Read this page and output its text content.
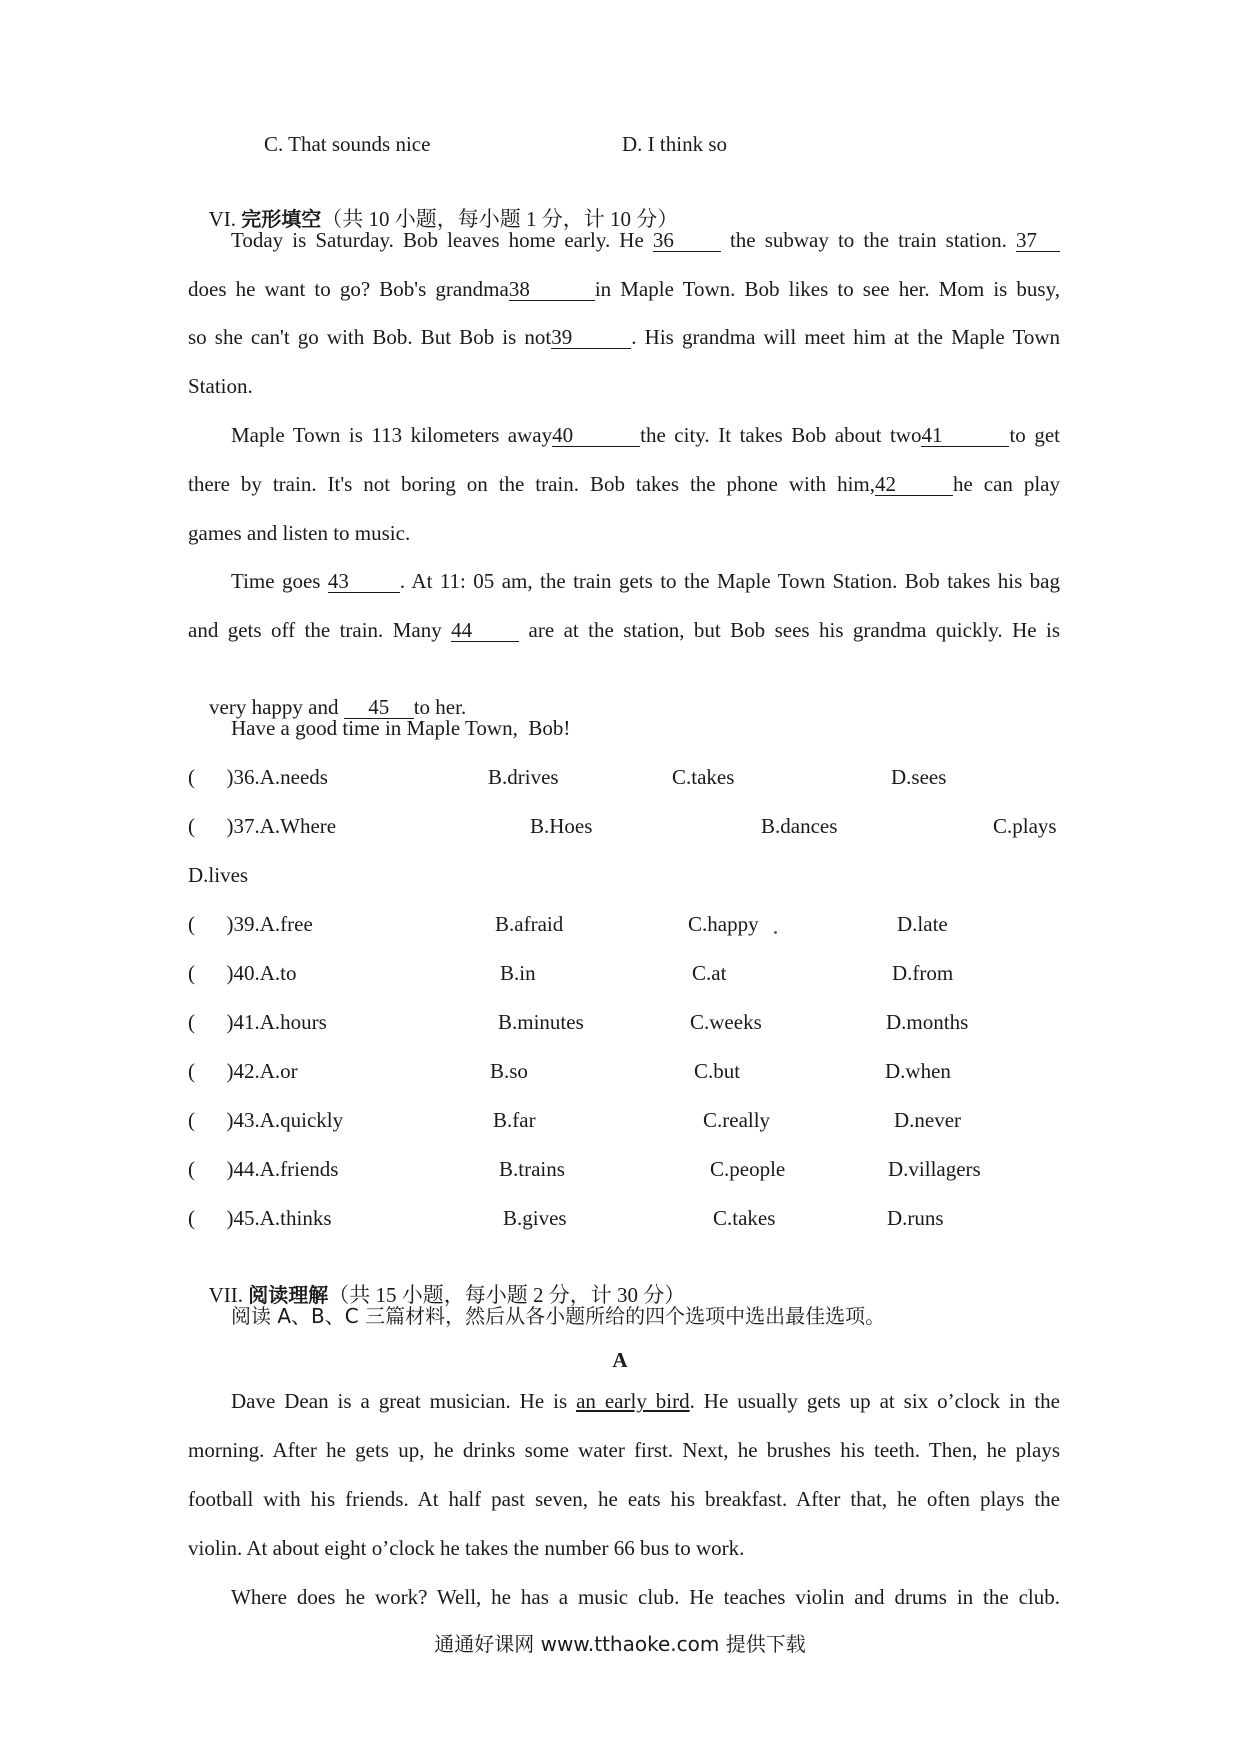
C. That sounds nice	D. I think so

VI. 完形填空（共 10 小题，每小题 1 分，计 10 分）

Today is Saturday. Bob leaves home early. He 36 the subway to the train station. 37
does he want to go? Bob's grandma38	in Maple Town. Bob likes to see her. Mom is busy,
so she can't go with Bob. But Bob is not39	. His grandma will meet him at the Maple Town
Station.
Maple Town is 113 kilometers away40	the city. It takes Bob about two41	to get
there by train. It's not boring on the train. Bob takes the phone with him,42	he can play
games and listen to music.
Time goes 43 . At 11: 05 am, the train gets to the Maple Town Station. Bob takes his bag
and gets off the train. Many 44 are at the station, but Bob sees his grandma quickly. He is

very happy and 45 to her.

Have a good time in Maple Town,  Bob!

(      )36.A.needs

	B.drives

	C.takes

	D.sees

(      )37.A.Where

	B.Hoes

	B.dances

	C.plays

D.lives

(      )39.A.free

	B.afraid

	C.happy

	D.late

(      )40.A.to

	B.in

	C.at

	D.from

(      )41.A.hours

	B.minutes

	C.weeks

	D.months

(      )42.A.or

	B.so

	C.but

	D.when

(      )43.A.quickly

	B.far

	C.really

	D.never

(      )44.A.friends

	B.trains

	C.people

	D.villagers

(      )45.A.thinks

	B.gives

	C.takes

	D.runs

VII. 阅读理解（共 15 小题，每小题 2 分，计 30 分）

阅读 A、B、C 三篇材料，然后从各小题所给的四个选项中选出最佳选项。
A
Dave Dean is a great musician. He is an early bird. He usually gets up at six o’clock in the
morning. After he gets up, he drinks some water first. Next, he brushes his teeth. Then, he plays
football with his friends. At half past seven, he eats his breakfast. After that, he often plays the
violin. At about eight o’clock he takes the number 66 bus to work.
Where does he work? Well, he has a music club. He teaches violin and drums in the club.
通通好课网 www.tthaoke.com 提供下载
